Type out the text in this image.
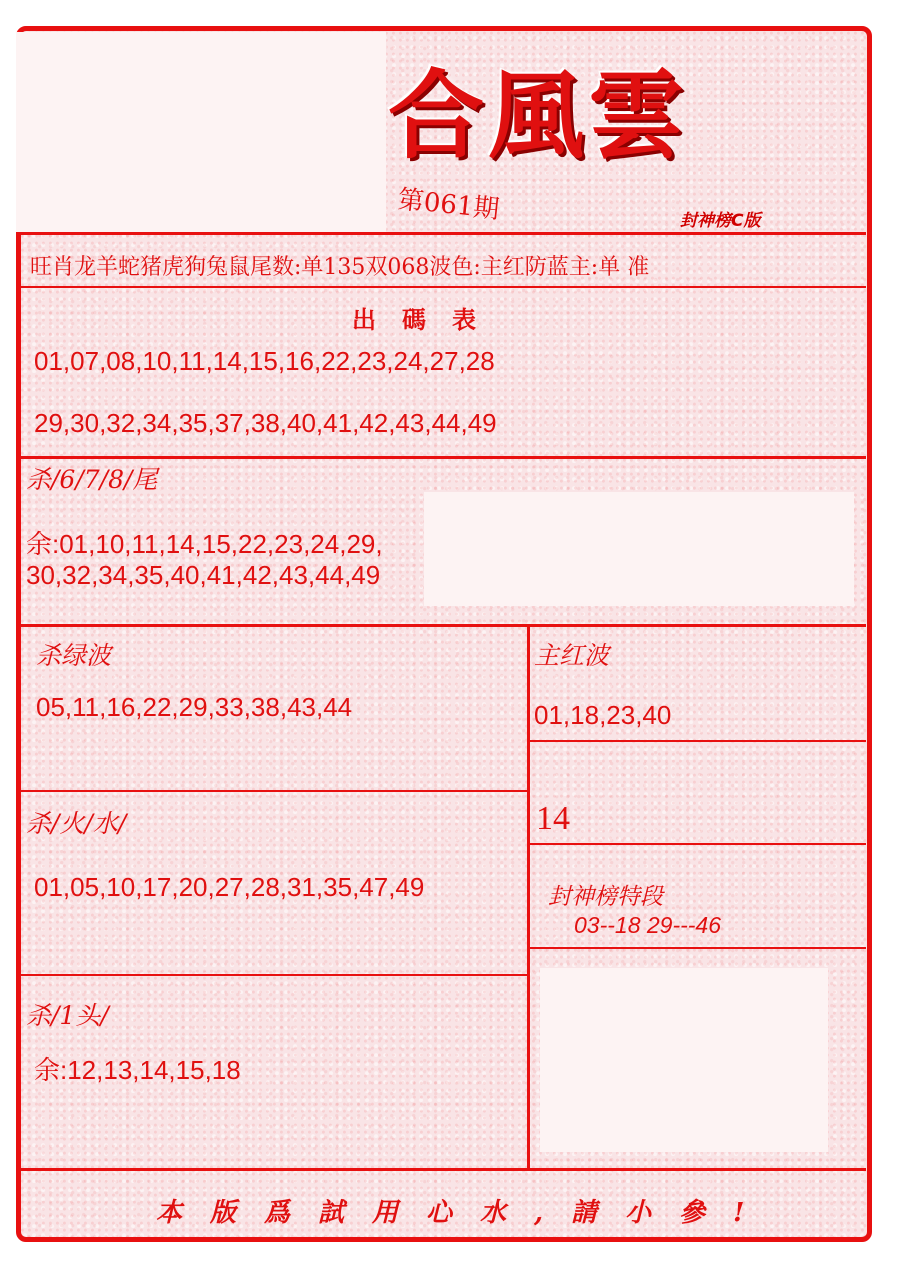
合風雲
第061期	封神榜C版
旺肖龙羊蛇猪虎狗兔鼠尾数:单135双068波色:主红防蓝主:单 准
出碼表
01,07,08,10,11,14,15,16,22,23,24,27,28
29,30,32,34,35,37,38,40,41,42,43,44,49
杀/6/7/8/尾
余:01,10,11,14,15,22,23,24,29,
30,32,34,35,40,41,42,43,44,49
杀绿波
05,11,16,22,29,33,38,43,44
主红波
01,18,23,40
14
杀/火/水/
01,05,10,17,20,27,28,31,35,47,49	封神榜特段
03--18 29---46
杀/1头/
余:12,13,14,15,18
本版爲試用心水,請小參!
